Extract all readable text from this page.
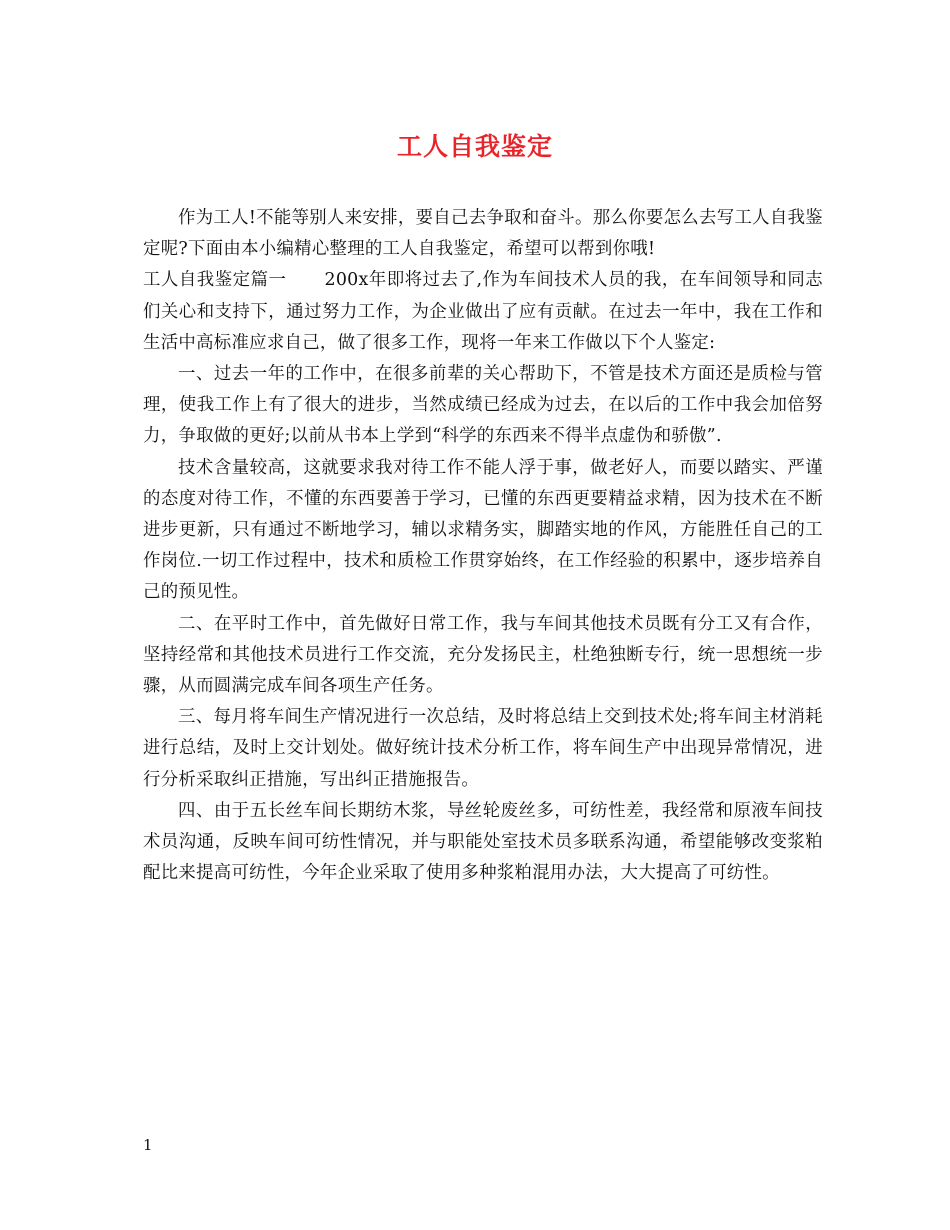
工人自我鉴定

作为工人!不能等别人来安排，要自己去争取和奋斗。那么你要怎么去写工人自我鉴定呢?下面由本小编精心整理的工人自我鉴定，希望可以帮到你哦!

工人自我鉴定篇一 200x年即将过去了,作为车间技术人员的我，在车间领导和同志们关心和支持下，通过努力工作，为企业做出了应有贡献。在过去一年中，我在工作和生活中高标准应求自己，做了很多工作，现将一年来工作做以下个人鉴定:

一、过去一年的工作中，在很多前辈的关心帮助下，不管是技术方面还是质检与管理，使我工作上有了很大的进步，当然成绩已经成为过去，在以后的工作中我会加倍努力，争取做的更好;以前从书本上学到“科学的东西来不得半点虚伪和骄傲”.

技术含量较高，这就要求我对待工作不能人浮于事，做老好人，而要以踏实、严谨的态度对待工作，不懂的东西要善于学习，已懂的东西更要精益求精，因为技术在不断进步更新，只有通过不断地学习，辅以求精务实，脚踏实地的作风，方能胜任自己的工作岗位.一切工作过程中，技术和质检工作贯穿始终，在工作经验的积累中，逐步培养自己的预见性。

二、在平时工作中，首先做好日常工作，我与车间其他技术员既有分工又有合作，坚持经常和其他技术员进行工作交流，充分发扬民主，杜绝独断专行，统一思想统一步骤，从而圆满完成车间各项生产任务。

三、每月将车间生产情况进行一次总结，及时将总结上交到技术处;将车间主材消耗进行总结，及时上交计划处。做好统计技术分析工作，将车间生产中出现异常情况，进行分析采取纠正措施，写出纠正措施报告。

四、由于五长丝车间长期纺木浆，导丝轮废丝多，可纺性差，我经常和原液车间技术员沟通，反映车间可纺性情况，并与职能处室技术员多联系沟通，希望能够改变浆粕配比来提高可纺性，今年企业采取了使用多种浆粕混用办法，大大提高了可纺性。

1
